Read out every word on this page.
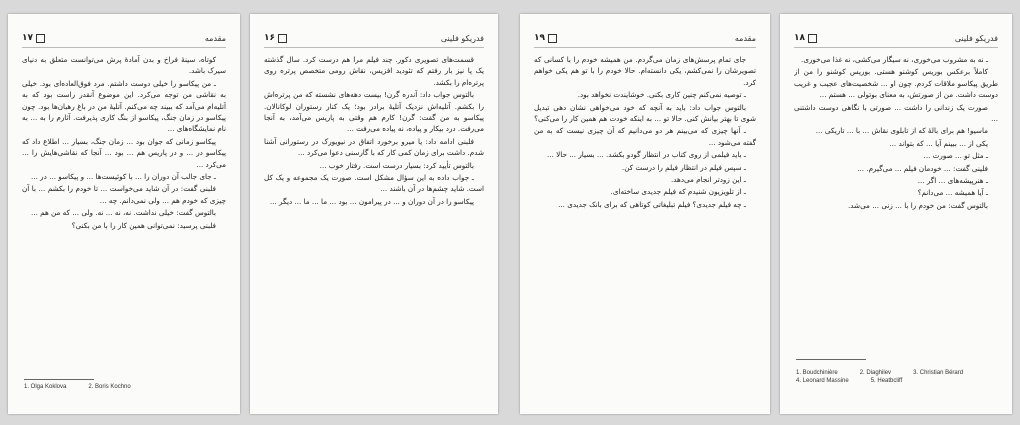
مقدمه
١٧

کوتاه، سینهٔ فراخ و بدن آمادهٔ پرش می‌توانست متعلق به دنیای سیرک باشد.

ـ من پیکاسو را خیلی دوست داشتم. مرد فوق‌العاده‌ای بود. خیلی به نقاشی من توجه می‌کرد. این موضوع آنقدر راست بود که به آتلیه‌ام می‌آمد که ببیند چه می‌کنم. آتلیهٔ من در باغ رهبان‌ها بود. چون پیکاسو در زمان جنگ، پیکاسو از بنگ کاری پذیرفت. آثارم را به ... به نام نمایشگاه‌های ...

پیکاسو زمانی که جوان بود ... زمان جنگ، بسیار ... اطلاع داد که پیکاسو در ... و در پاریس هم ... بود ... آنجا که نقاشی‌هایش را ... می‌کرد ...

ـ جای جالب آن دوران را ... با کوئیست‌ها ... و پیکاسو ... در ...

فلبنی گفت: در آن شاید می‌خواست ... تا خودم را بکشم ... با آن چیزی که خودم هم ... ولی نمی‌دانم. چه ...

بالتوس گفت: خیلی نداشت. نه، نه ... نه. ولی ... که من هم ...

فلبنی پرسید: نمی‌توانی همین کار را با من بکنی؟

1. Olga Koklova	2. Boris Kochno
فدریکو فلینی
١۶

قسمت‌های تصویری دکور. چند فیلم مرا هم درست کرد. سال گذشته یک پا نیز بار رفتم که تئودید افزیس، نقاش رومی متخصص پرتره روی پرتره‌ام را بکشد.

بالتوس جواب داد: آندره گرن! بیست دهه‌های نشسته که من پرتره‌اش را بکشم. آتلیه‌اش نزدیک آتلیهٔ برادر بود؛ یک کنار رستوران لوکانالان. پیکاسو به من گفت: گرن! کارم هم وقتی به پاریس می‌آمد، به آنجا می‌رفت. درد بیکار و پیاده، نه پیاده می‌رفت ...

فلبنی ادامه داد: یا میرو برخورد اتفاق در نیویورک در رستورانی آشنا شدم. داشت برای زمان کمی کار که با گارسنی دعوا می‌کرد ...

بالتوس تأیید کرد: بسیار درست است. رفتار خوب ...

ـ جواب داده به این سؤال مشکل است. صورت یک مجموعه و یک کل است. شاید چشم‌ها در آن باشند ...

پیکاسو را در آن دوران و ... در پیرامون ... بود ... ما ... ما ... دیگر ...

مقدمه
١٩

جای تمام پرسش‌های زمان می‌گردم. من همیشه خودم را با کسانی که تصویرشان را نمی‌کشم، یکی دانسته‌ام. حالا خودم را با تو هم یکی خواهم کرد.

ـ توصیه نمی‌کنم چنین کاری بکنی. خوشایندت نخواهد بود.

بالتوس جواب داد: باید به آنچه که خود می‌خواهی نشان دهی تبدیل شوی تا بهتر بیانش کنی. حالا تو ... به اینکه خودت هم همین کار را می‌کنی؟

ـ آنها چیزی که می‌بینم هر دو می‌دانیم که آن چیزی نیست که به من گفته می‌شود ...

ـ باید فیلمی از روی کتاب در انتظار گودو بکشد. ... بسیار ... حالا ...

ـ سپس فیلم در انتظار فیلم را درست کن.

ـ این زودتر انجام می‌دهد.

ـ از تلویزیون شنیدم که فیلم جدیدی ساخته‌ای.

ـ چه فیلم جدیدی؟ فیلم تبلیغاتی کوتاهی که برای بانک جدیدی ...

فدریکو فلینی
١٨

ـ نه به مشروب می‌خوری، نه سیگار می‌کشی، نه غذا می‌خوری.

کاملاً برعکس بوریس کوشنو هستی. بوریس کوشنو را من از طریق پیکاسو ملاقات کردم. چون او ... شخصیت‌های عجیب و غریب دوست داشت. من از صورتش، به معنای بوتولی ... هستم ...

صورت یک زندانی را داشت ... صورتی با نگاهی دوست داشتنی ...

ماسیو! هم برای بالهٔ که از تابلوی نقاش ... با ... تاریکی ...

یکی از ... ببینم آیا ... که بتواند ...

ـ مثل تو ... صورت ...

فلینی گفت: ... خودمان فیلم ... می‌گیرم. ...

ـ هنرپیشه‌های ... اگر ...

ـ آیا همیشه ... می‌دانم؟

بالتوس گفت: من خودم را با ... زنی ... می‌شد.

1. Boudchinière	2. Diaghilev	3. Christian Bérard
4. Leonard Massine	5. Heatbcliff
